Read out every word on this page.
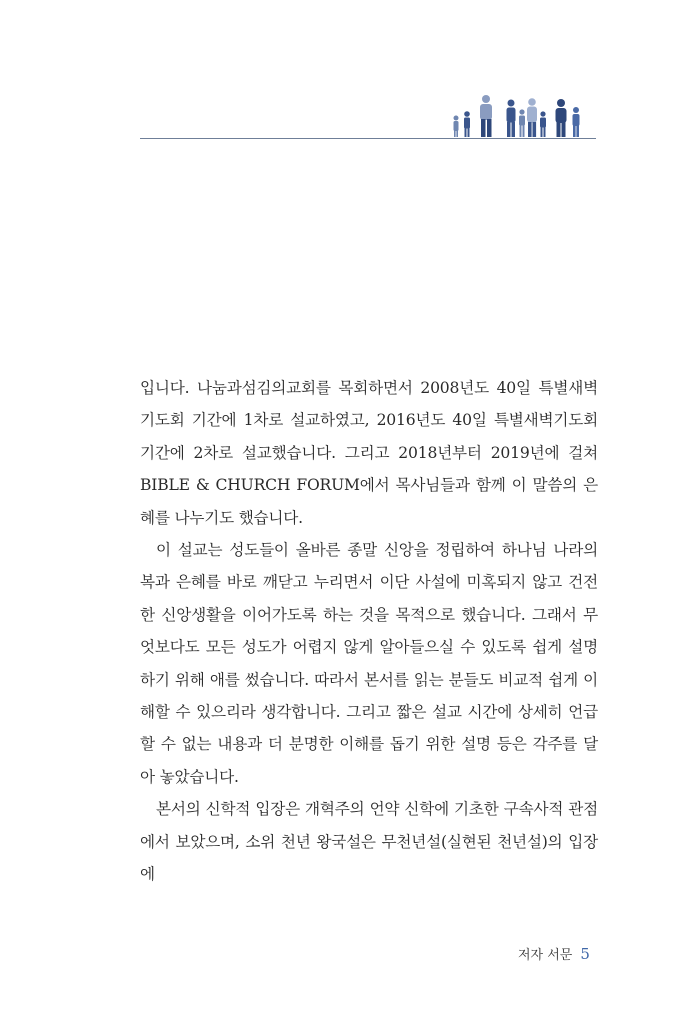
입니다. 나눔과섬김의교회를 목회하면서 2008년도 40일 특별새벽기도회 기간에 1차로 설교하였고, 2016년도 40일 특별새벽기도회 기간에 2차로 설교했습니다. 그리고 2018년부터 2019년에 걸쳐 BIBLE & CHURCH FORUM에서 목사님들과 함께 이 말씀의 은혜를 나누기도 했습니다.

이 설교는 성도들이 올바른 종말 신앙을 정립하여 하나님 나라의 복과 은혜를 바로 깨닫고 누리면서 이단 사설에 미혹되지 않고 건전한 신앙생활을 이어가도록 하는 것을 목적으로 했습니다. 그래서 무엇보다도 모든 성도가 어렵지 않게 알아들으실 수 있도록 쉽게 설명하기 위해 애를 썼습니다. 따라서 본서를 읽는 분들도 비교적 쉽게 이해할 수 있으리라 생각합니다. 그리고 짧은 설교 시간에 상세히 언급할 수 없는 내용과 더 분명한 이해를 돕기 위한 설명 등은 각주를 달아 놓았습니다.

본서의 신학적 입장은 개혁주의 언약 신학에 기초한 구속사적 관점에서 보았으며, 소위 천년 왕국설은 무천년설(실현된 천년설)의 입장에

저자 서문 5
